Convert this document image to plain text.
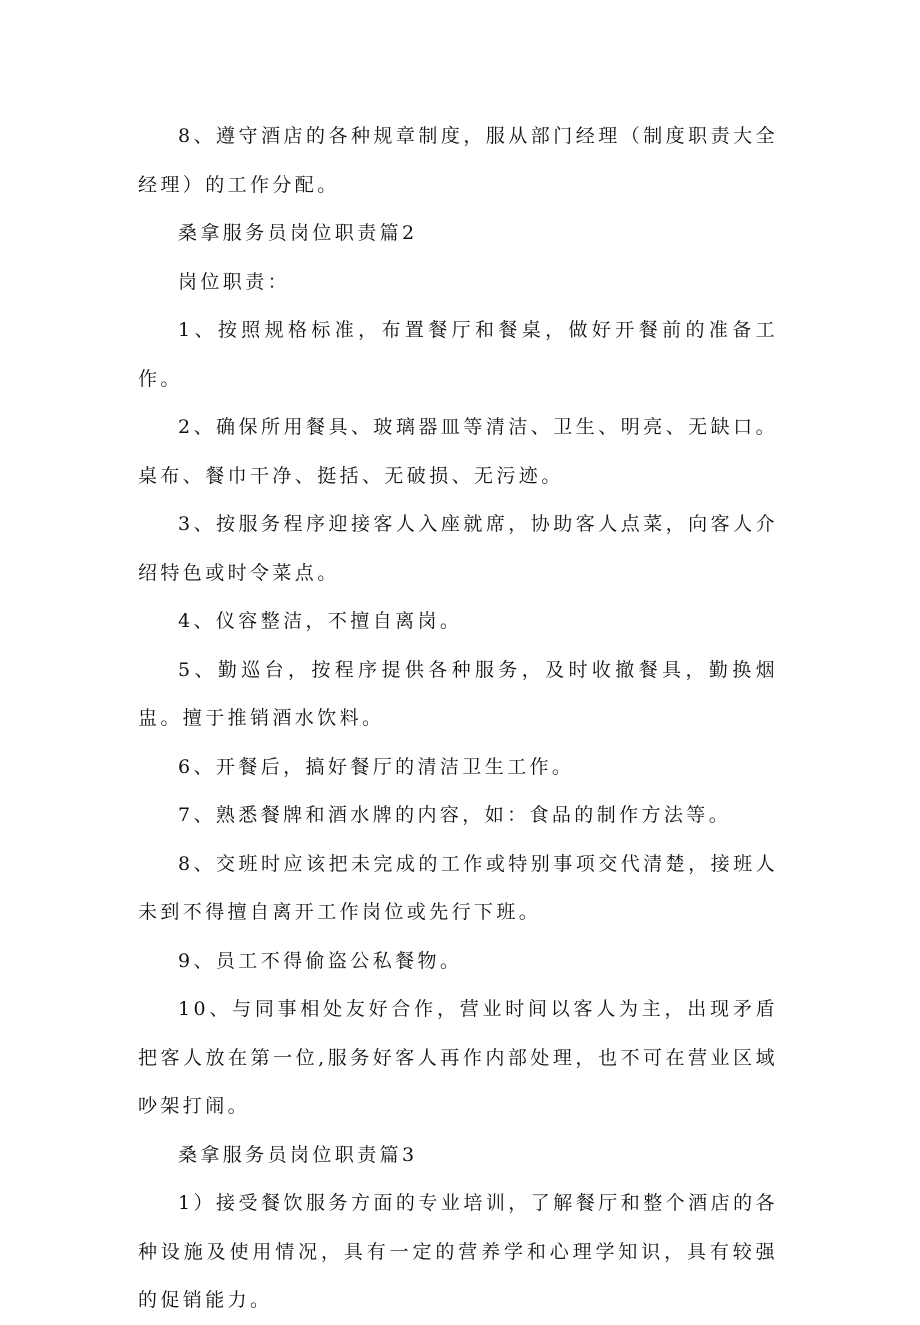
8、遵守酒店的各种规章制度，服从部门经理（制度职责大全经理）的工作分配。

桑拿服务员岗位职责篇2

岗位职责：

1、按照规格标准，布置餐厅和餐桌，做好开餐前的准备工作。

2、确保所用餐具、玻璃器皿等清洁、卫生、明亮、无缺口。桌布、餐巾干净、挺括、无破损、无污迹。

3、按服务程序迎接客人入座就席，协助客人点菜，向客人介绍特色或时令菜点。

4、仪容整洁，不擅自离岗。

5、勤巡台，按程序提供各种服务，及时收撤餐具，勤换烟盅。擅于推销酒水饮料。

6、开餐后，搞好餐厅的清洁卫生工作。

7、熟悉餐牌和酒水牌的内容，如：食品的制作方法等。

8、交班时应该把未完成的工作或特别事项交代清楚，接班人未到不得擅自离开工作岗位或先行下班。

9、员工不得偷盗公私餐物。

10、与同事相处友好合作，营业时间以客人为主，出现矛盾把客人放在第一位,服务好客人再作内部处理，也不可在营业区域吵架打闹。

桑拿服务员岗位职责篇3

1）接受餐饮服务方面的专业培训，了解餐厅和整个酒店的各种设施及使用情况，具有一定的营养学和心理学知识，具有较强的促销能力。
